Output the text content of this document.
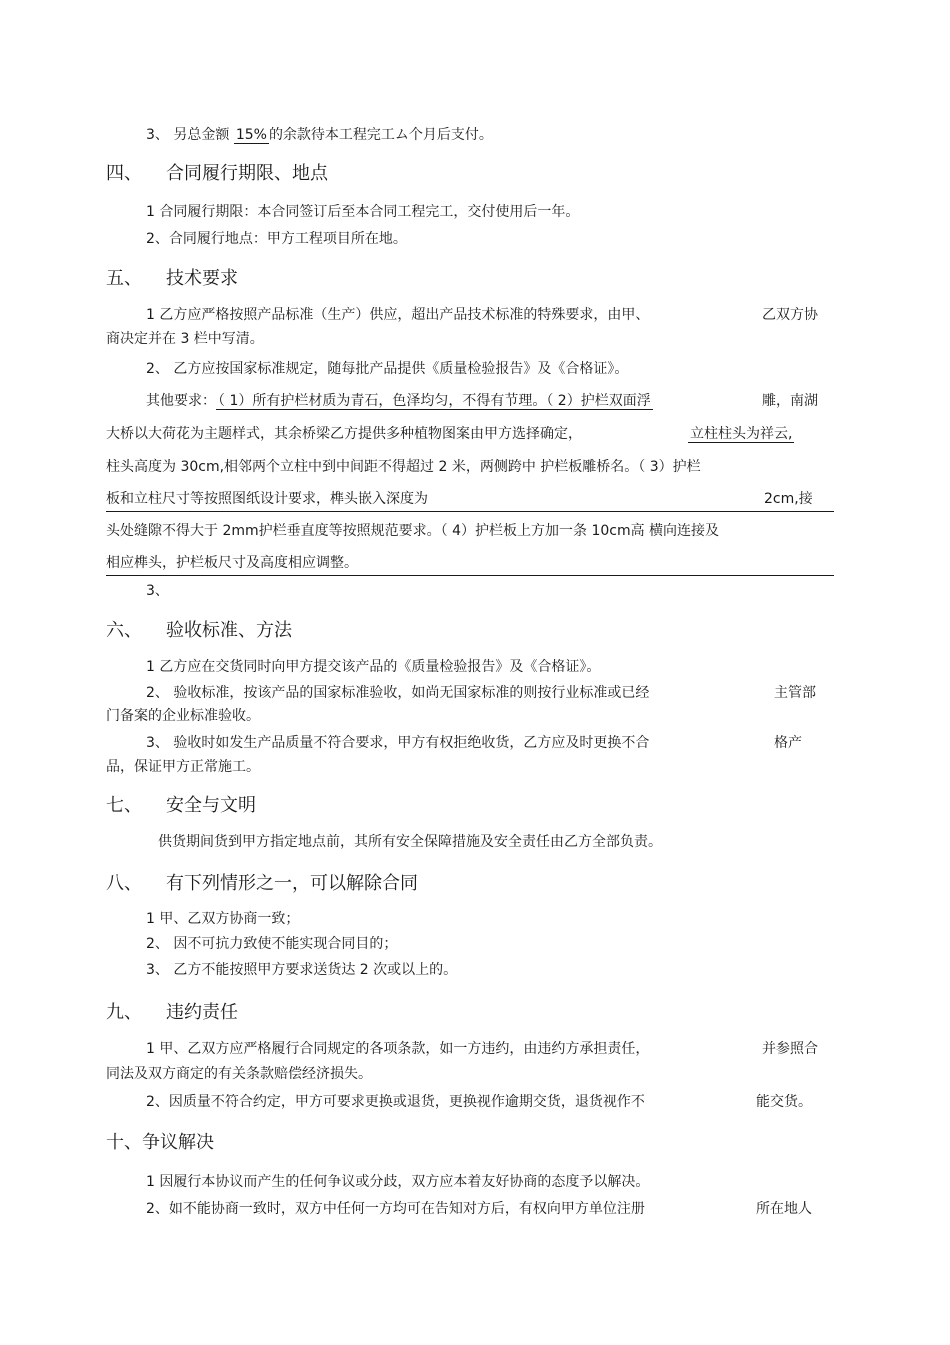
3、 另总金额 15% 的余款待本工程完工ム个月后支付。
四、 合同履行期限、地点
1 合同履行期限：本合同签订后至本合同工程完工，交付使用后一年。
2、合同履行地点：甲方工程项目所在地。
五、 技术要求
1 乙方应严格按照产品标准（生产）供应，超出产品技术标准的特殊要求，由甲、	乙双方协
商决定并在 3 栏中写清。
2、 乙方应按国家标准规定，随每批产品提供《质量检验报告》及《合格证》。
其他要求： （ 1）所有护栏材质为青石，色泽均匀，不得有节理。（ 2）护栏双面浮	雕，南湖
大桥以大荷花为主题样式，其余桥梁乙方提供多种植物图案由甲方选择确定，	立柱柱头为祥云,
柱头高度为 30cm,相邻两个立柱中到中间距不得超过 2 米，两侧跨中 护栏板雕桥名。（ 3）护栏
板和立柱尺寸等按照图纸设计要求，榫头嵌入深度为	2cm,接
头处缝隙不得大于 2mm护栏垂直度等按照规范要求。（ 4）护栏板上方加一条 10cm高 横向连接及
相应榫头，护栏板尺寸及高度相应调整。
3、
六、 验收标准、方法
1 乙方应在交货同时向甲方提交该产品的《质量检验报告》及《合格证》。
2、 验收标准，按该产品的国家标准验收，如尚无国家标准的则按行业标准或已经	主管部
门备案的企业标准验收。
3、 验收时如发生产品质量不符合要求，甲方有权拒绝收货，乙方应及时更换不合	格产
品，保证甲方正常施工。
七、 安全与文明
供货期间货到甲方指定地点前，其所有安全保障措施及安全责任由乙方全部负责。
八、 有下列情形之一，可以解除合同
1 甲、乙双方协商一致；
2、 因不可抗力致使不能实现合同目的；
3、 乙方不能按照甲方要求送货达 2 次或以上的。
九、 违约责任
1 甲、乙双方应严格履行合同规定的各项条款，如一方违约，由违约方承担责任，	并参照合
同法及双方商定的有关条款赔偿经济损失。
2、因质量不符合约定，甲方可要求更换或退货，更换视作逾期交货，退货视作不	能交货。
十、争议解决
1 因履行本协议而产生的任何争议或分歧，双方应本着友好协商的态度予以解决。
2、如不能协商一致时，双方中任何一方均可在告知对方后，有权向甲方单位注册	所在地人
